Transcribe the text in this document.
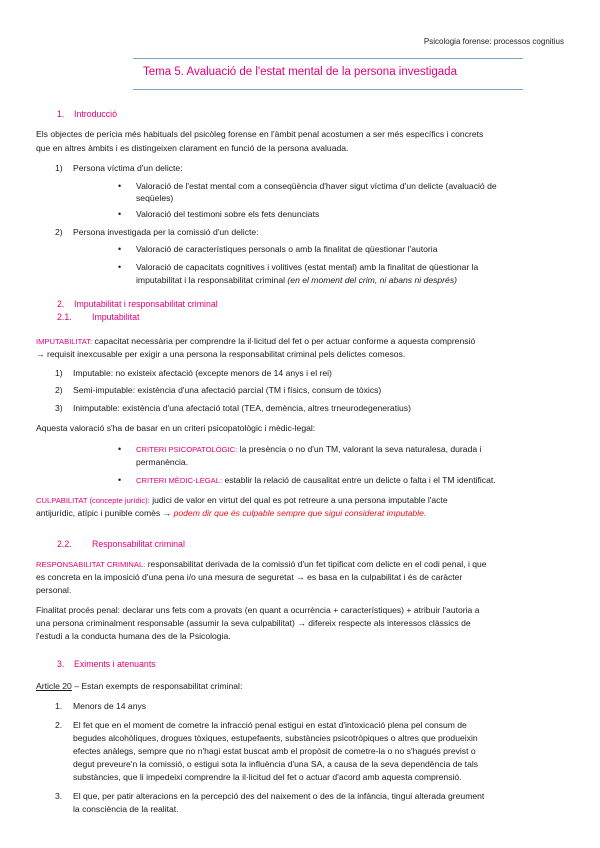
Psicologia forense: processos cognitius
Tema 5. Avaluació de l'estat mental de la persona investigada
1. Introducció
Els objectes de perícia més habituals del psicòleg forense en l'àmbit penal acostumen a ser més específics i concrets
que en altres àmbits i es distingeixen clarament en funció de la persona avaluada.
1)	Persona víctima d'un delicte:
• Valoració de l'estat mental com a conseqüència d'haver sigut víctima d'un delicte (avaluació de
seqüeles)
• Valoració del testimoni sobre els fets denunciats
2)	Persona investigada per la comissió d'un delicte:
• Valoració de característiques personals o amb la finalitat de qüestionar l'autoria
• Valoració de capacitats cognitives i volitives (estat mental) amb la finalitat de qüestionar la
imputabilitat i la responsabilitat criminal (en el moment del crim, ni abans ni després)
2. Imputabilitat i responsabilitat criminal
2.1. Imputabilitat
IMPUTABILITAT: capacitat necessària per comprendre la il·licitud del fet o per actuar conforme a aquesta comprensió
→ requisit inexcusable per exigir a una persona la responsabilitat criminal pels delictes comesos.
1)	Imputable: no existeix afectació (excepte menors de 14 anys i el rei)
2)	Semi-imputable: existència d'una afectació parcial (TM i físics, consum de tòxics)
3)	Inimputable: existència d'una afectació total (TEA, demència, altres trneurodegeneratius)
Aquesta valoració s'ha de basar en un criteri psicopatològic i mèdic-legal:
• CRITERI PSICOPATOLÒGIC: la presència o no d'un TM, valorant la seva naturalesa, durada i
permanència.
• CRITERI MÈDIC-LEGAL: establir la relació de causalitat entre un delicte o falta i el TM identificat.
CULPABILITAT (concepte jurídic): judici de valor en virtut del qual es pot retreure a una persona imputable l'acte
antijurídic, atípic i punible comès → podem dir que és culpable sempre que sigui considerat imputable.
2.2. Responsabilitat criminal
RESPONSABILITAT CRIMINAL: responsabilitat derivada de la comissió d'un fet tipificat com delicte en el codi penal, i que
es concreta en la imposició d'una pena i/o una mesura de seguretat → es basa en la culpabilitat i és de caràcter
personal.
Finalitat procés penal: declarar uns fets com a provats (en quant a ocurrència + característiques) + atribuir l'autoria a
una persona criminalment responsable (assumir la seva culpabilitat) → difereix respecte als interessos clàssics de
l'estudi a la conducta humana des de la Psicologia.
3. Eximents i atenuants
Article 20 – Estan exempts de responsabilitat criminal:
1.	Menors de 14 anys
2.	El fet que en el moment de cometre la infracció penal estigui en estat d'intoxicació plena pel consum de
begudes alcohòliques, drogues tòxiques, estupefaents, substàncies psicotròpiques o altres que produeixin
efectes anàlegs, sempre que no n'hagi estat buscat amb el propòsit de cometre-la o no s'hagués previst o
degut preveure'n la comissió, o estigui sota la influència d'una SA, a causa de la seva dependència de tals
substàncies, que li impedeixi comprendre la il·licitud del fet o actuar d'acord amb aquesta comprensió.
3.	El que, per patir alteracions en la percepció des del naixement o des de la infància, tingui alterada greument
la consciència de la realitat.
